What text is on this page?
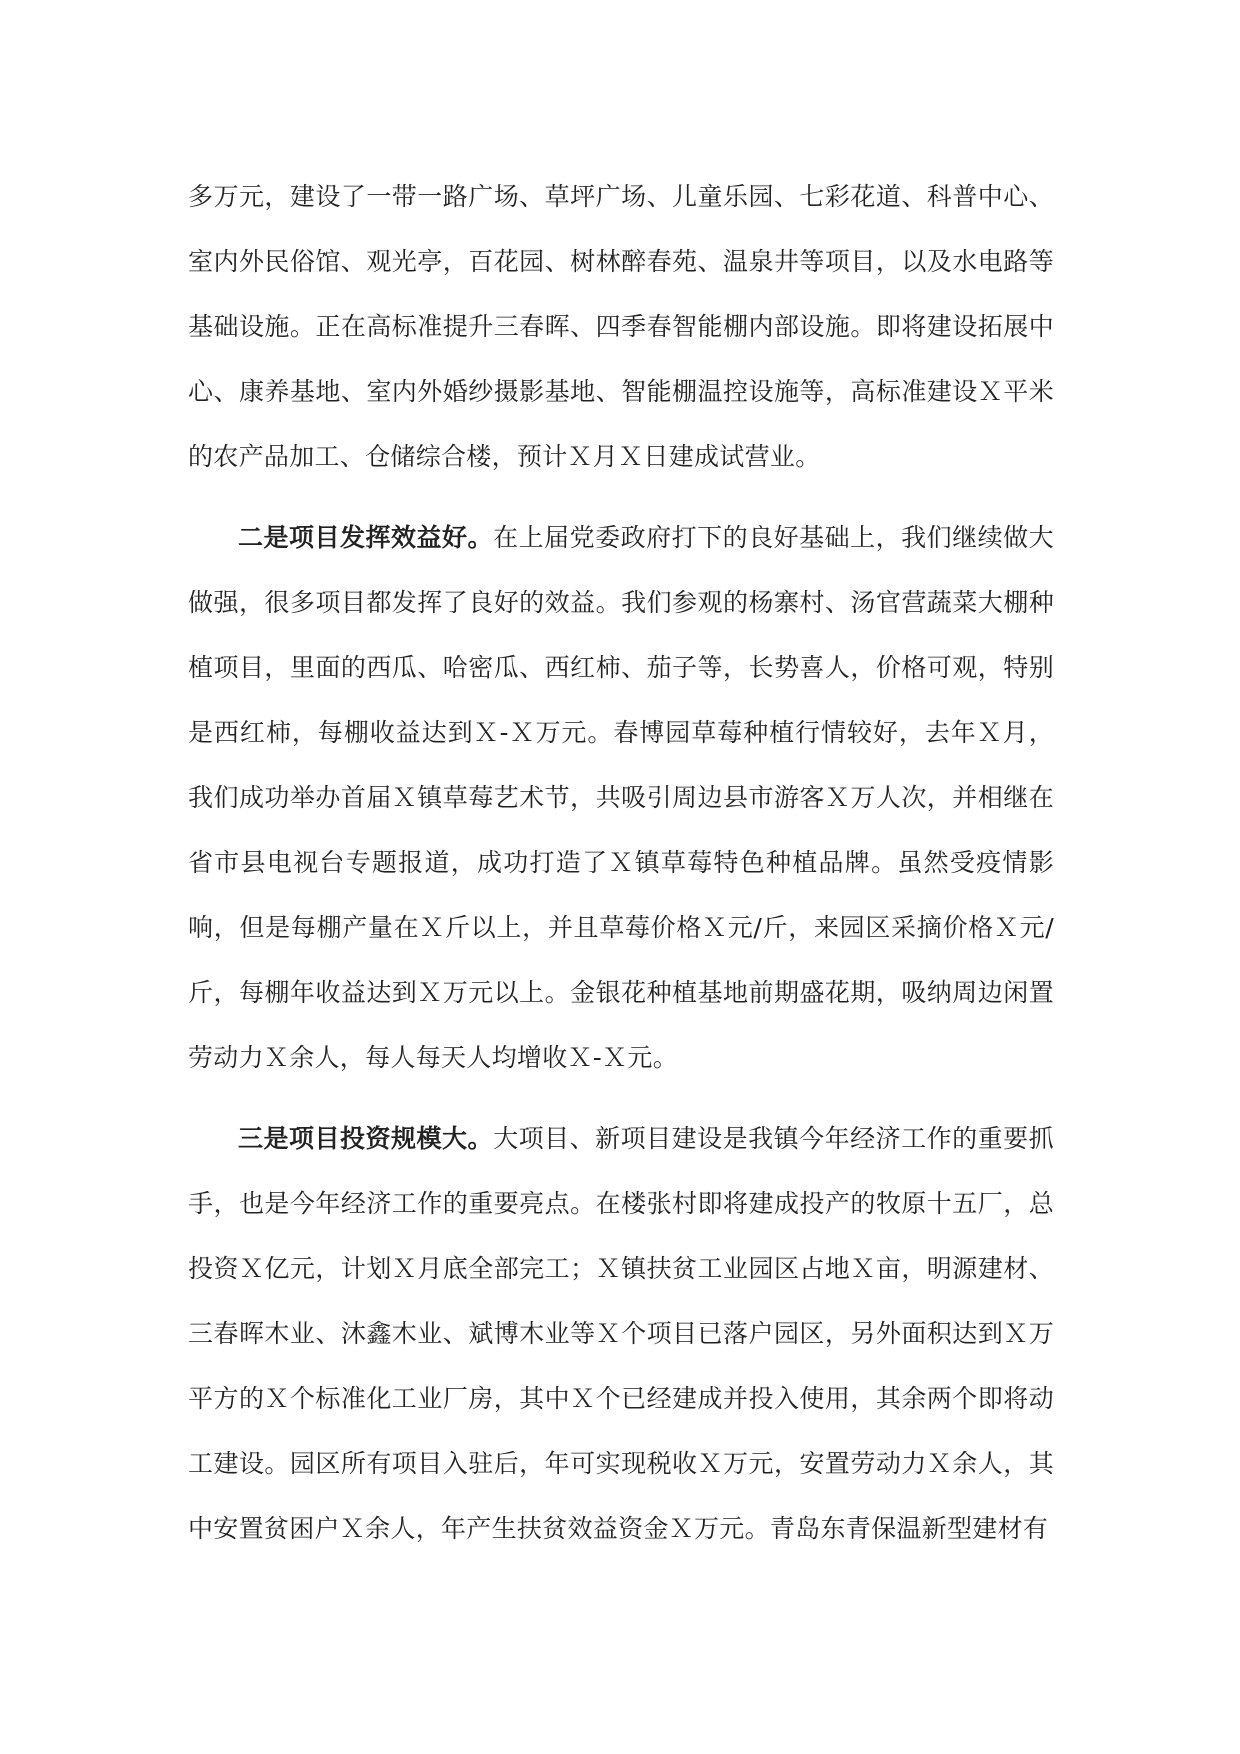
多万元，建设了一带一路广场、草坪广场、儿童乐园、七彩花道、科普中心、室内外民俗馆、观光亭，百花园、树林醉春苑、温泉井等项目，以及水电路等基础设施。正在高标准提升三春晖、四季春智能棚内部设施。即将建设拓展中心、康养基地、室内外婚纱摄影基地、智能棚温控设施等，高标准建设Ｘ平米的农产品加工、仓储综合楼，预计Ｘ月Ｘ日建成试营业。

二是项目发挥效益好。在上届党委政府打下的良好基础上，我们继续做大做强，很多项目都发挥了良好的效益。我们参观的杨寨村、汤官营蔬菜大棚种植项目，里面的西瓜、哈密瓜、西红柿、茄子等，长势喜人，价格可观，特别是西红柿，每棚收益达到Ｘ-Ｘ万元。春博园草莓种植行情较好，去年Ｘ月，我们成功举办首届Ｘ镇草莓艺术节，共吸引周边县市游客Ｘ万人次，并相继在省市县电视台专题报道，成功打造了Ｘ镇草莓特色种植品牌。虽然受疫情影响，但是每棚产量在Ｘ斤以上，并且草莓价格Ｘ元/斤，来园区采摘价格Ｘ元/斤，每棚年收益达到Ｘ万元以上。金银花种植基地前期盛花期，吸纳周边闲置劳动力Ｘ余人，每人每天人均增收Ｘ-Ｘ元。

三是项目投资规模大。大项目、新项目建设是我镇今年经济工作的重要抓手，也是今年经济工作的重要亮点。在楼张村即将建成投产的牧原十五厂，总投资Ｘ亿元，计划Ｘ月底全部完工；Ｘ镇扶贫工业园区占地Ｘ亩，明源建材、三春晖木业、沐鑫木业、斌博木业等Ｘ个项目已落户园区，另外面积达到Ｘ万平方的Ｘ个标准化工业厂房，其中Ｘ个已经建成并投入使用，其余两个即将动工建设。园区所有项目入驻后，年可实现税收Ｘ万元，安置劳动力Ｘ余人，其中安置贫困户Ｘ余人，年产生扶贫效益资金Ｘ万元。青岛东青保温新型建材有
